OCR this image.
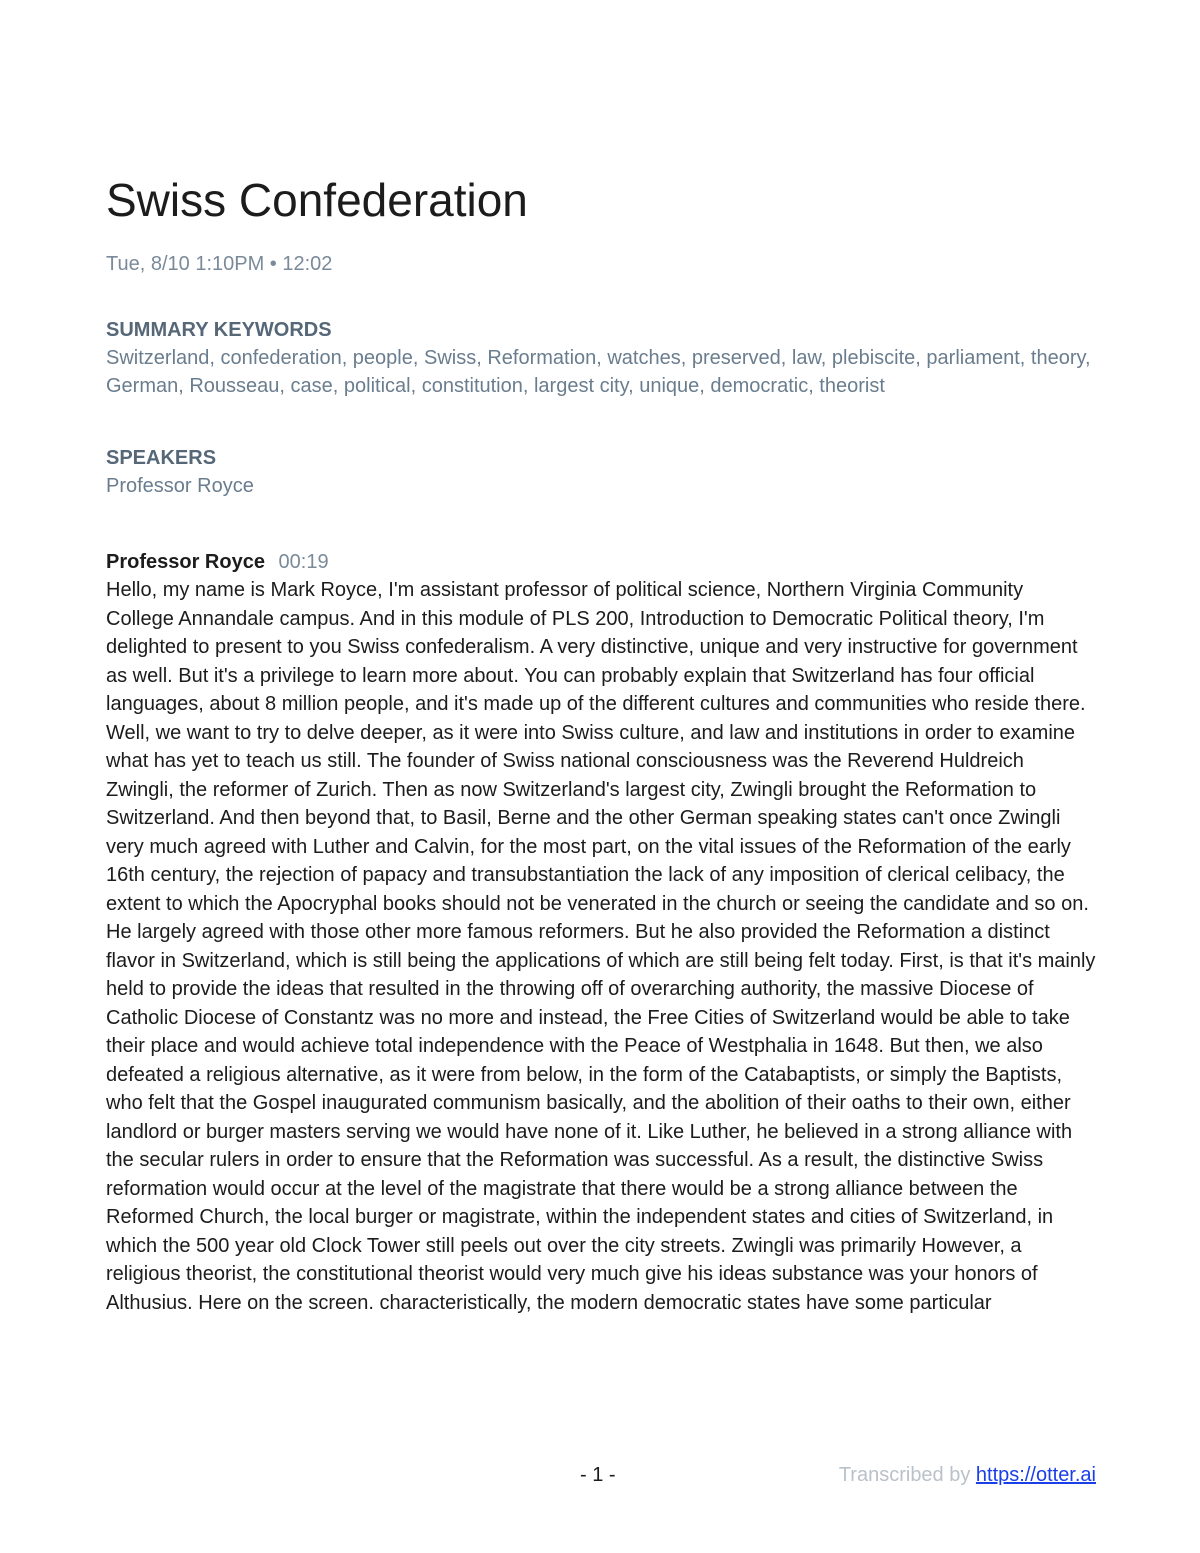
Swiss Confederation
Tue, 8/10 1:10PM • 12:02
SUMMARY KEYWORDS
Switzerland, confederation, people, Swiss, Reformation, watches, preserved, law, plebiscite, parliament, theory, German, Rousseau, case, political, constitution, largest city, unique, democratic, theorist
SPEAKERS
Professor Royce
Professor Royce 00:19

Hello, my name is Mark Royce, I'm assistant professor of political science, Northern Virginia Community College Annandale campus. And in this module of PLS 200, Introduction to Democratic Political theory, I'm delighted to present to you Swiss confederalism. A very distinctive, unique and very instructive for government as well. But it's a privilege to learn more about. You can probably explain that Switzerland has four official languages, about 8 million people, and it's made up of the different cultures and communities who reside there. Well, we want to try to delve deeper, as it were into Swiss culture, and law and institutions in order to examine what has yet to teach us still. The founder of Swiss national consciousness was the Reverend Huldreich Zwingli, the reformer of Zurich. Then as now Switzerland's largest city, Zwingli brought the Reformation to Switzerland. And then beyond that, to Basil, Berne and the other German speaking states can't once Zwingli very much agreed with Luther and Calvin, for the most part, on the vital issues of the Reformation of the early 16th century, the rejection of papacy and transubstantiation the lack of any imposition of clerical celibacy, the extent to which the Apocryphal books should not be venerated in the church or seeing the candidate and so on. He largely agreed with those other more famous reformers. But he also provided the Reformation a distinct flavor in Switzerland, which is still being the applications of which are still being felt today. First, is that it's mainly held to provide the ideas that resulted in the throwing off of overarching authority, the massive Diocese of Catholic Diocese of Constantz was no more and instead, the Free Cities of Switzerland would be able to take their place and would achieve total independence with the Peace of Westphalia in 1648. But then, we also defeated a religious alternative, as it were from below, in the form of the Catabaptists, or simply the Baptists, who felt that the Gospel inaugurated communism basically, and the abolition of their oaths to their own, either landlord or burger masters serving we would have none of it. Like Luther, he believed in a strong alliance with the secular rulers in order to ensure that the Reformation was successful. As a result, the distinctive Swiss reformation would occur at the level of the magistrate that there would be a strong alliance between the Reformed Church, the local burger or magistrate, within the independent states and cities of Switzerland, in which the 500 year old Clock Tower still peels out over the city streets. Zwingli was primarily However, a religious theorist, the constitutional theorist would very much give his ideas substance was your honors of Althusius. Here on the screen. characteristically, the modern democratic states have some particular

- 1 -	Transcribed by https://otter.ai
